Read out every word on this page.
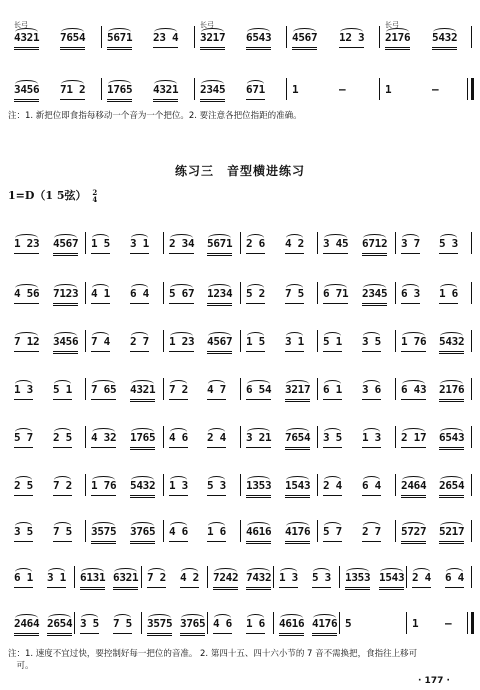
4321
长弓
7654 5671 23 4 3217
长弓
6543 4567 12 3 2176
长弓
5432
3456 71 2 1765 4321 2345 671 1	–	1	–
注：1. 新把位即食指每移动一个音为一个把位。2. 要注意各把位指距的准确。
练习三　音型横进练习
1=D（1 5弦） 2
4
1 23 4567 1 5 3 1 2 34 5671 2 6 4 2 3 45 6712 3 7 5 3
4 56 7123 4 1 6 4 5 67 1234 5 2 7 5 6 71 2345 6 3 1 6
7 12 3456 7 4 2 7 1 23 4567 1 5 3 1 5 1 3 5 1 76 5432
1 3 5 1 7 65 4321 7 2 4 7 6 54 3217 6 1 3 6 6 43 2176
5 7 2 5 4 32 1765 4 6 2 4 3 21 7654 3 5 1 3 2 17 6543
2 5 7 2 1 76 5432 1 3 5 3 1353 1543 2 4 6 4 2464 2654
3 5 7 5 3575 3765 4 6 1 6 4616 4176 5 7 2 7 5727 5217
6 1 3 1 6131 6321 7 2 4 2 7242 7432 1 3 5 3 1353 1543 2 4 6 4
2464 2654 3 5 7 5 3575 3765 4 6 1 6 4616 4176 5	1 –
注：1. 速度不宜过快，要控制好每一把位的音准。 2. 第四十五、四十六小节的 7 音不需换把，食指往上移可
　可。
· 177 ·
